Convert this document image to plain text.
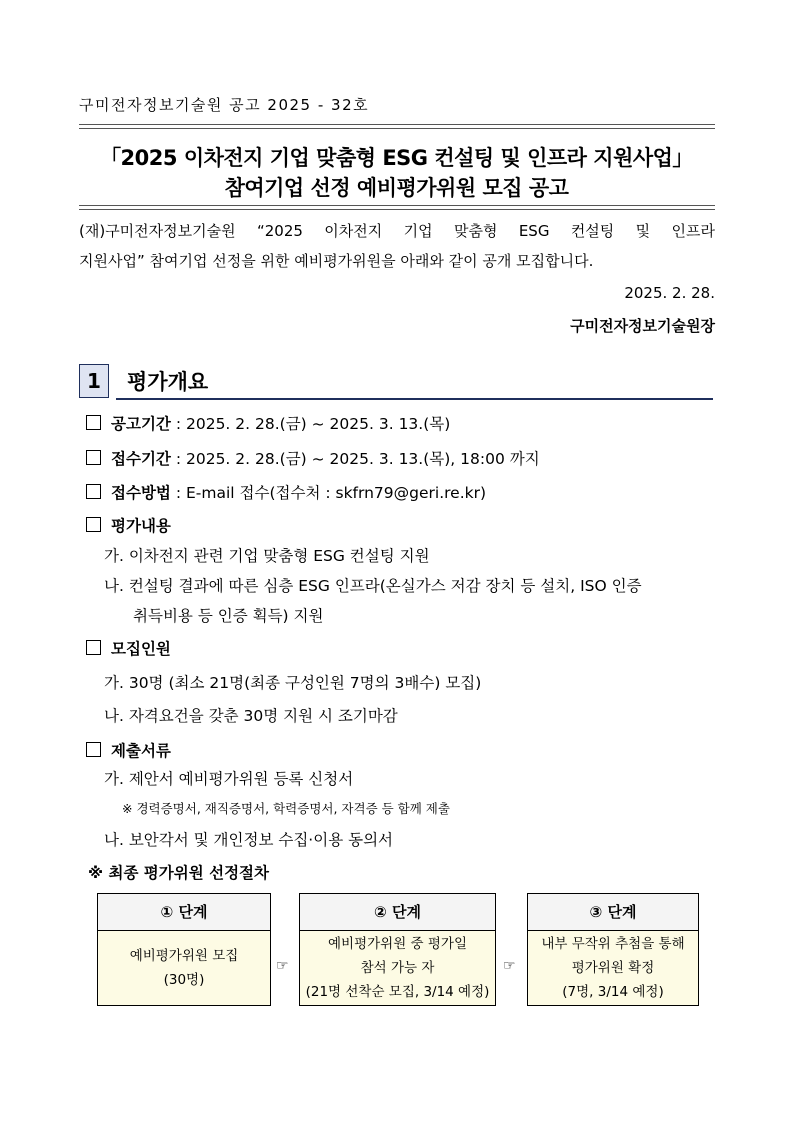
구미전자정보기술원 공고 2025 - 32호
「2025 이차전지 기업 맞춤형 ESG 컨설팅 및 인프라 지원사업」
참여기업 선정 예비평가위원 모집 공고
(재)구미전자정보기술원 “2025 이차전지 기업 맞춤형 ESG 컨설팅 및 인프라
지원사업” 참여기업 선정을 위한 예비평가위원을 아래와 같이 공개 모집합니다.
2025. 2. 28.
구미전자정보기술원장
1	평가개요
공고기간 : 2025. 2. 28.(금) ~ 2025. 3. 13.(목)
접수기간 : 2025. 2. 28.(금) ~ 2025. 3. 13.(목), 18:00 까지
접수방법 : E-mail 접수(접수처 : skfrn79@geri.re.kr)
평가내용
가. 이차전지 관련 기업 맞춤형 ESG 컨설팅 지원
나. 컨설팅 결과에 따른 심층 ESG 인프라(온실가스 저감 장치 등 설치, ISO 인증
취득비용 등 인증 획득) 지원
모집인원
가. 30명 (최소 21명(최종 구성인원 7명의 3배수) 모집)
나. 자격요건을 갖춘 30명 지원 시 조기마감
제출서류
가. 제안서 예비평가위원 등록 신청서
※ 경력증명서, 재직증명서, 학력증명서, 자격증 등 함께 제출
나. 보안각서 및 개인정보 수집·이용 동의서
※ 최종 평가위원 선정절차
① 단계
예비평가위원 모집
(30명)
☞
② 단계
예비평가위원 중 평가일
참석 가능 자
(21명 선착순 모집, 3/14 예정)
☞
③ 단계
내부 무작위 추첨을 통해
평가위원 확정
(7명, 3/14 예정)
